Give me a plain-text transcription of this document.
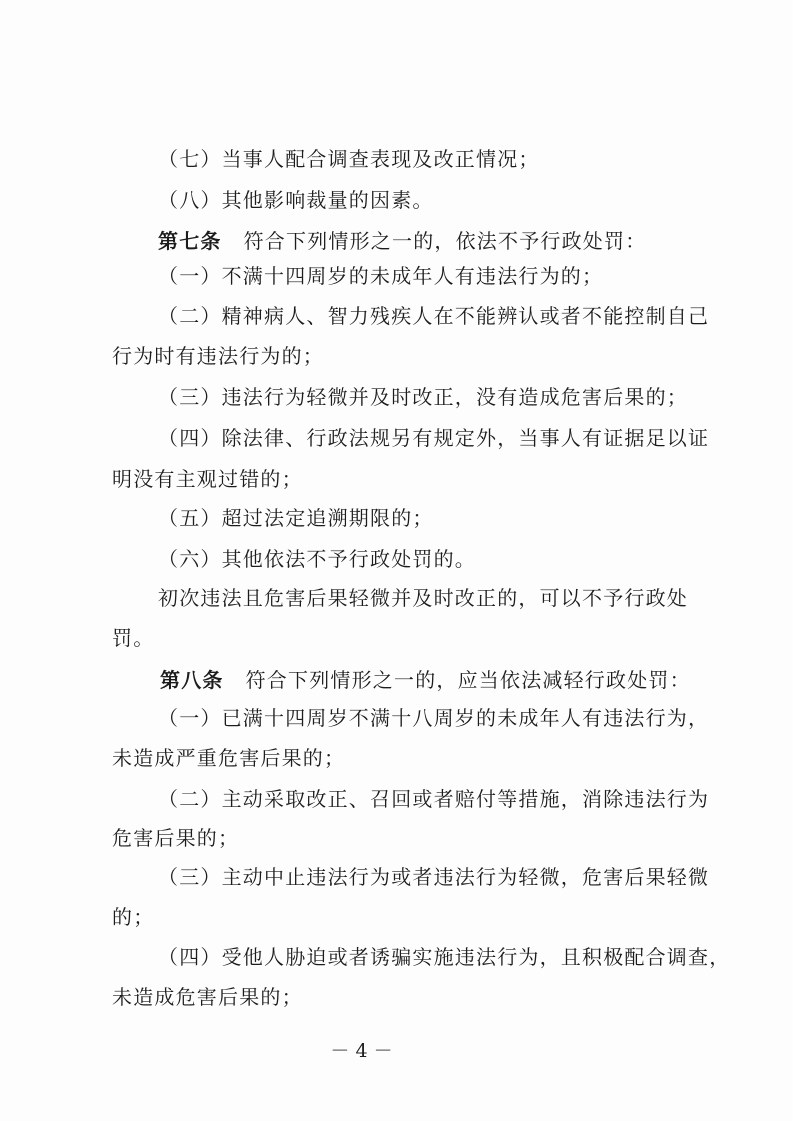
（七）当事人配合调查表现及改正情况；
（八）其他影响裁量的因素。
第七条 符合下列情形之一的，依法不予行政处罚：
（一）不满十四周岁的未成年人有违法行为的；
（二）精神病人、智力残疾人在不能辨认或者不能控制自己
行为时有违法行为的；
（三）违法行为轻微并及时改正，没有造成危害后果的；
（四）除法律、行政法规另有规定外，当事人有证据足以证
明没有主观过错的；
（五）超过法定追溯期限的；
（六）其他依法不予行政处罚的。
初次违法且危害后果轻微并及时改正的，可以不予行政处
罚。
第八条 符合下列情形之一的，应当依法减轻行政处罚：
（一）已满十四周岁不满十八周岁的未成年人有违法行为，
未造成严重危害后果的；
（二）主动采取改正、召回或者赔付等措施，消除违法行为
危害后果的；
（三）主动中止违法行为或者违法行为轻微，危害后果轻微
的；
（四）受他人胁迫或者诱骗实施违法行为，且积极配合调查，
未造成危害后果的；
－ 4 －
